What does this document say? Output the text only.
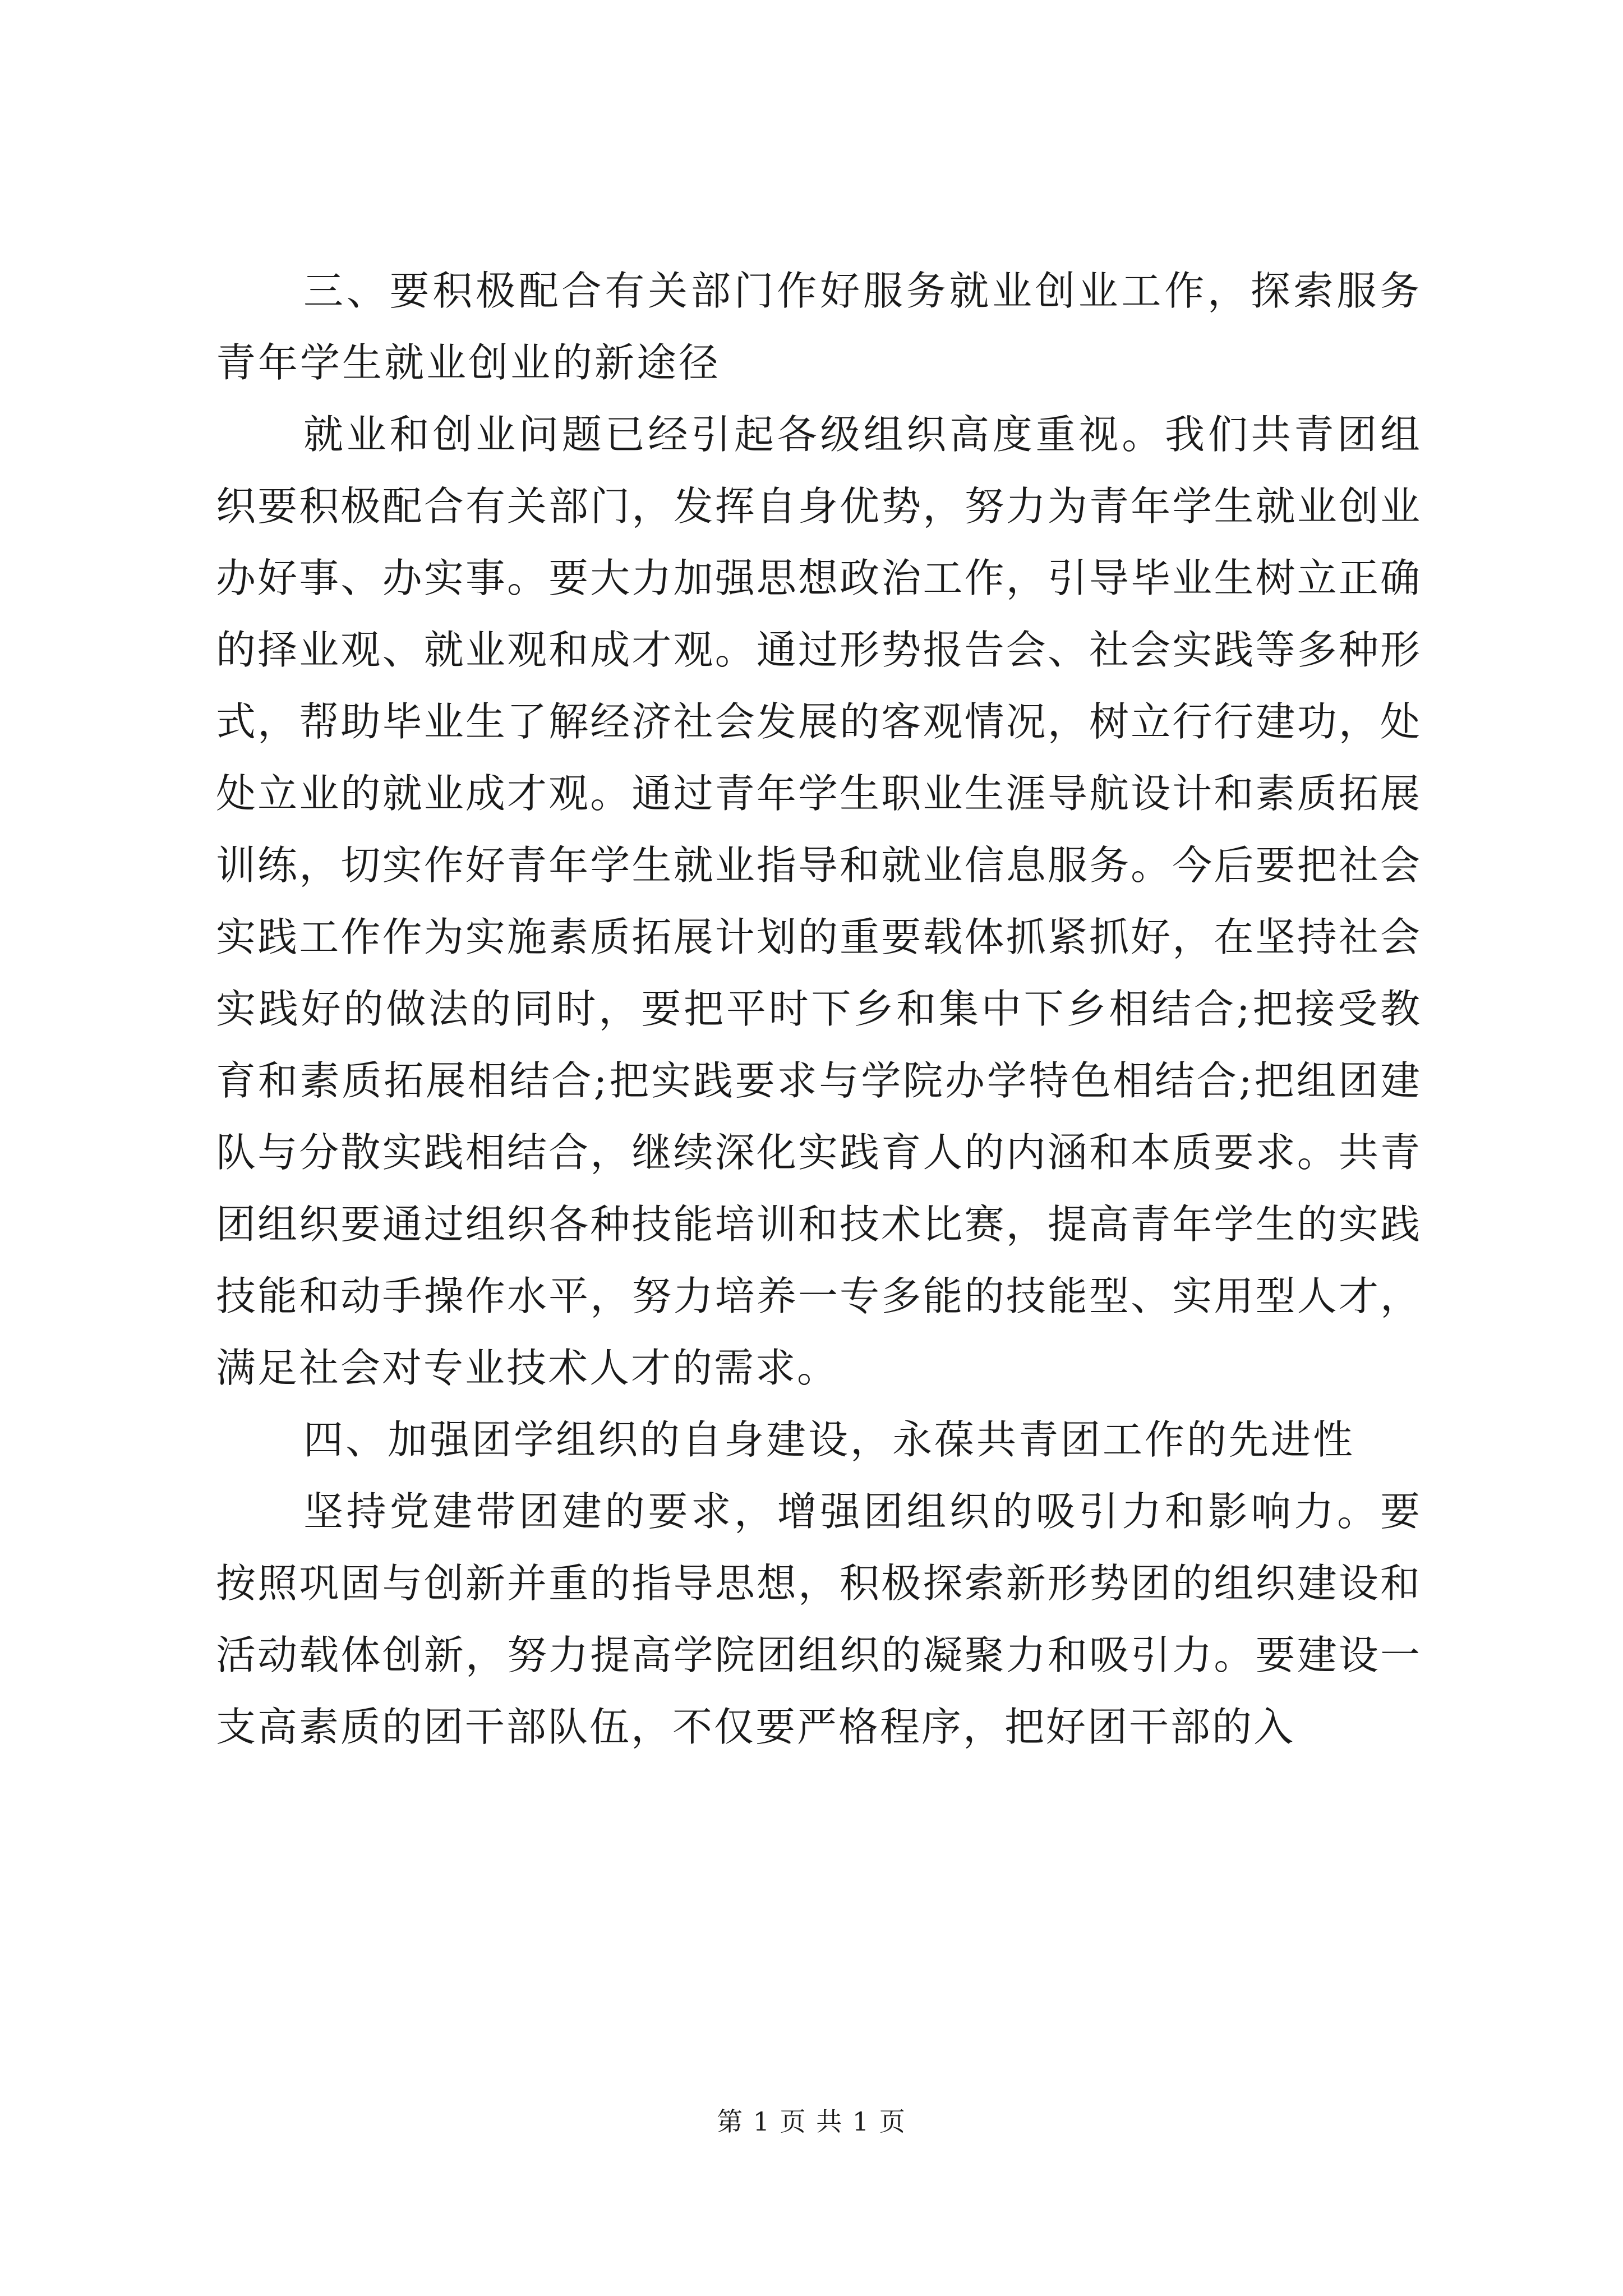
三、要积极配合有关部门作好服务就业创业工作，探索服务青年学生就业创业的新途径

就业和创业问题已经引起各级组织高度重视。我们共青团组织要积极配合有关部门，发挥自身优势，努力为青年学生就业创业办好事、办实事。要大力加强思想政治工作，引导毕业生树立正确的择业观、就业观和成才观。通过形势报告会、社会实践等多种形式，帮助毕业生了解经济社会发展的客观情况，树立行行建功，处处立业的就业成才观。通过青年学生职业生涯导航设计和素质拓展训练，切实作好青年学生就业指导和就业信息服务。今后要把社会实践工作作为实施素质拓展计划的重要载体抓紧抓好，在坚持社会实践好的做法的同时，要把平时下乡和集中下乡相结合;把接受教育和素质拓展相结合;把实践要求与学院办学特色相结合;把组团建队与分散实践相结合，继续深化实践育人的内涵和本质要求。共青团组织要通过组织各种技能培训和技术比赛，提高青年学生的实践技能和动手操作水平，努力培养一专多能的技能型、实用型人才，满足社会对专业技术人才的需求。

四、加强团学组织的自身建设，永葆共青团工作的先进性

坚持党建带团建的要求，增强团组织的吸引力和影响力。要按照巩固与创新并重的指导思想，积极探索新形势团的组织建设和活动载体创新，努力提高学院团组织的凝聚力和吸引力。要建设一支高素质的团干部队伍，不仅要严格程序，把好团干部的入

第 1 页 共 1 页
